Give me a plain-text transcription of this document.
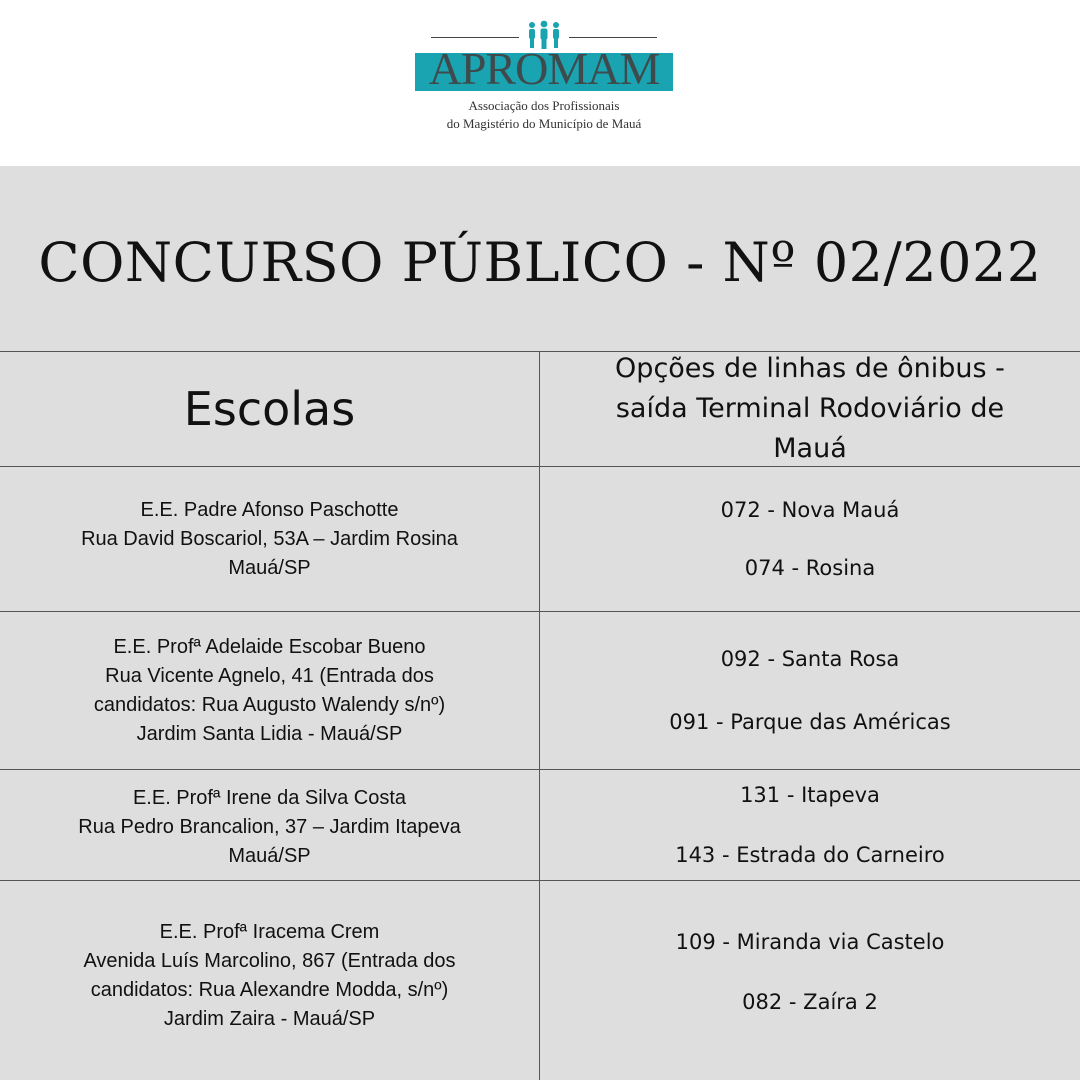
APROMAM
Associação dos Profissionais
do Magistério do Município de Mauá
CONCURSO PÚBLICO - Nº 02/2022
Escolas
Opções de linhas de ônibus - saída Terminal Rodoviário de Mauá
E.E. Padre Afonso Paschotte
Rua David Boscariol, 53A – Jardim Rosina
Mauá/SP
072 - Nova Mauá
074 - Rosina
E.E. Profª Adelaide Escobar Bueno
Rua Vicente Agnelo, 41 (Entrada dos candidatos: Rua Augusto Walendy s/nº)
Jardim Santa Lidia - Mauá/SP
092 - Santa Rosa
091 - Parque das Américas
E.E. Profª Irene da Silva Costa
Rua Pedro Brancalion, 37 – Jardim Itapeva
Mauá/SP
131 - Itapeva
143 - Estrada do Carneiro
E.E. Profª Iracema Crem
Avenida Luís Marcolino, 867 (Entrada dos candidatos: Rua Alexandre Modda, s/nº)
Jardim Zaira - Mauá/SP
109 - Miranda via Castelo
082 - Zaíra 2
